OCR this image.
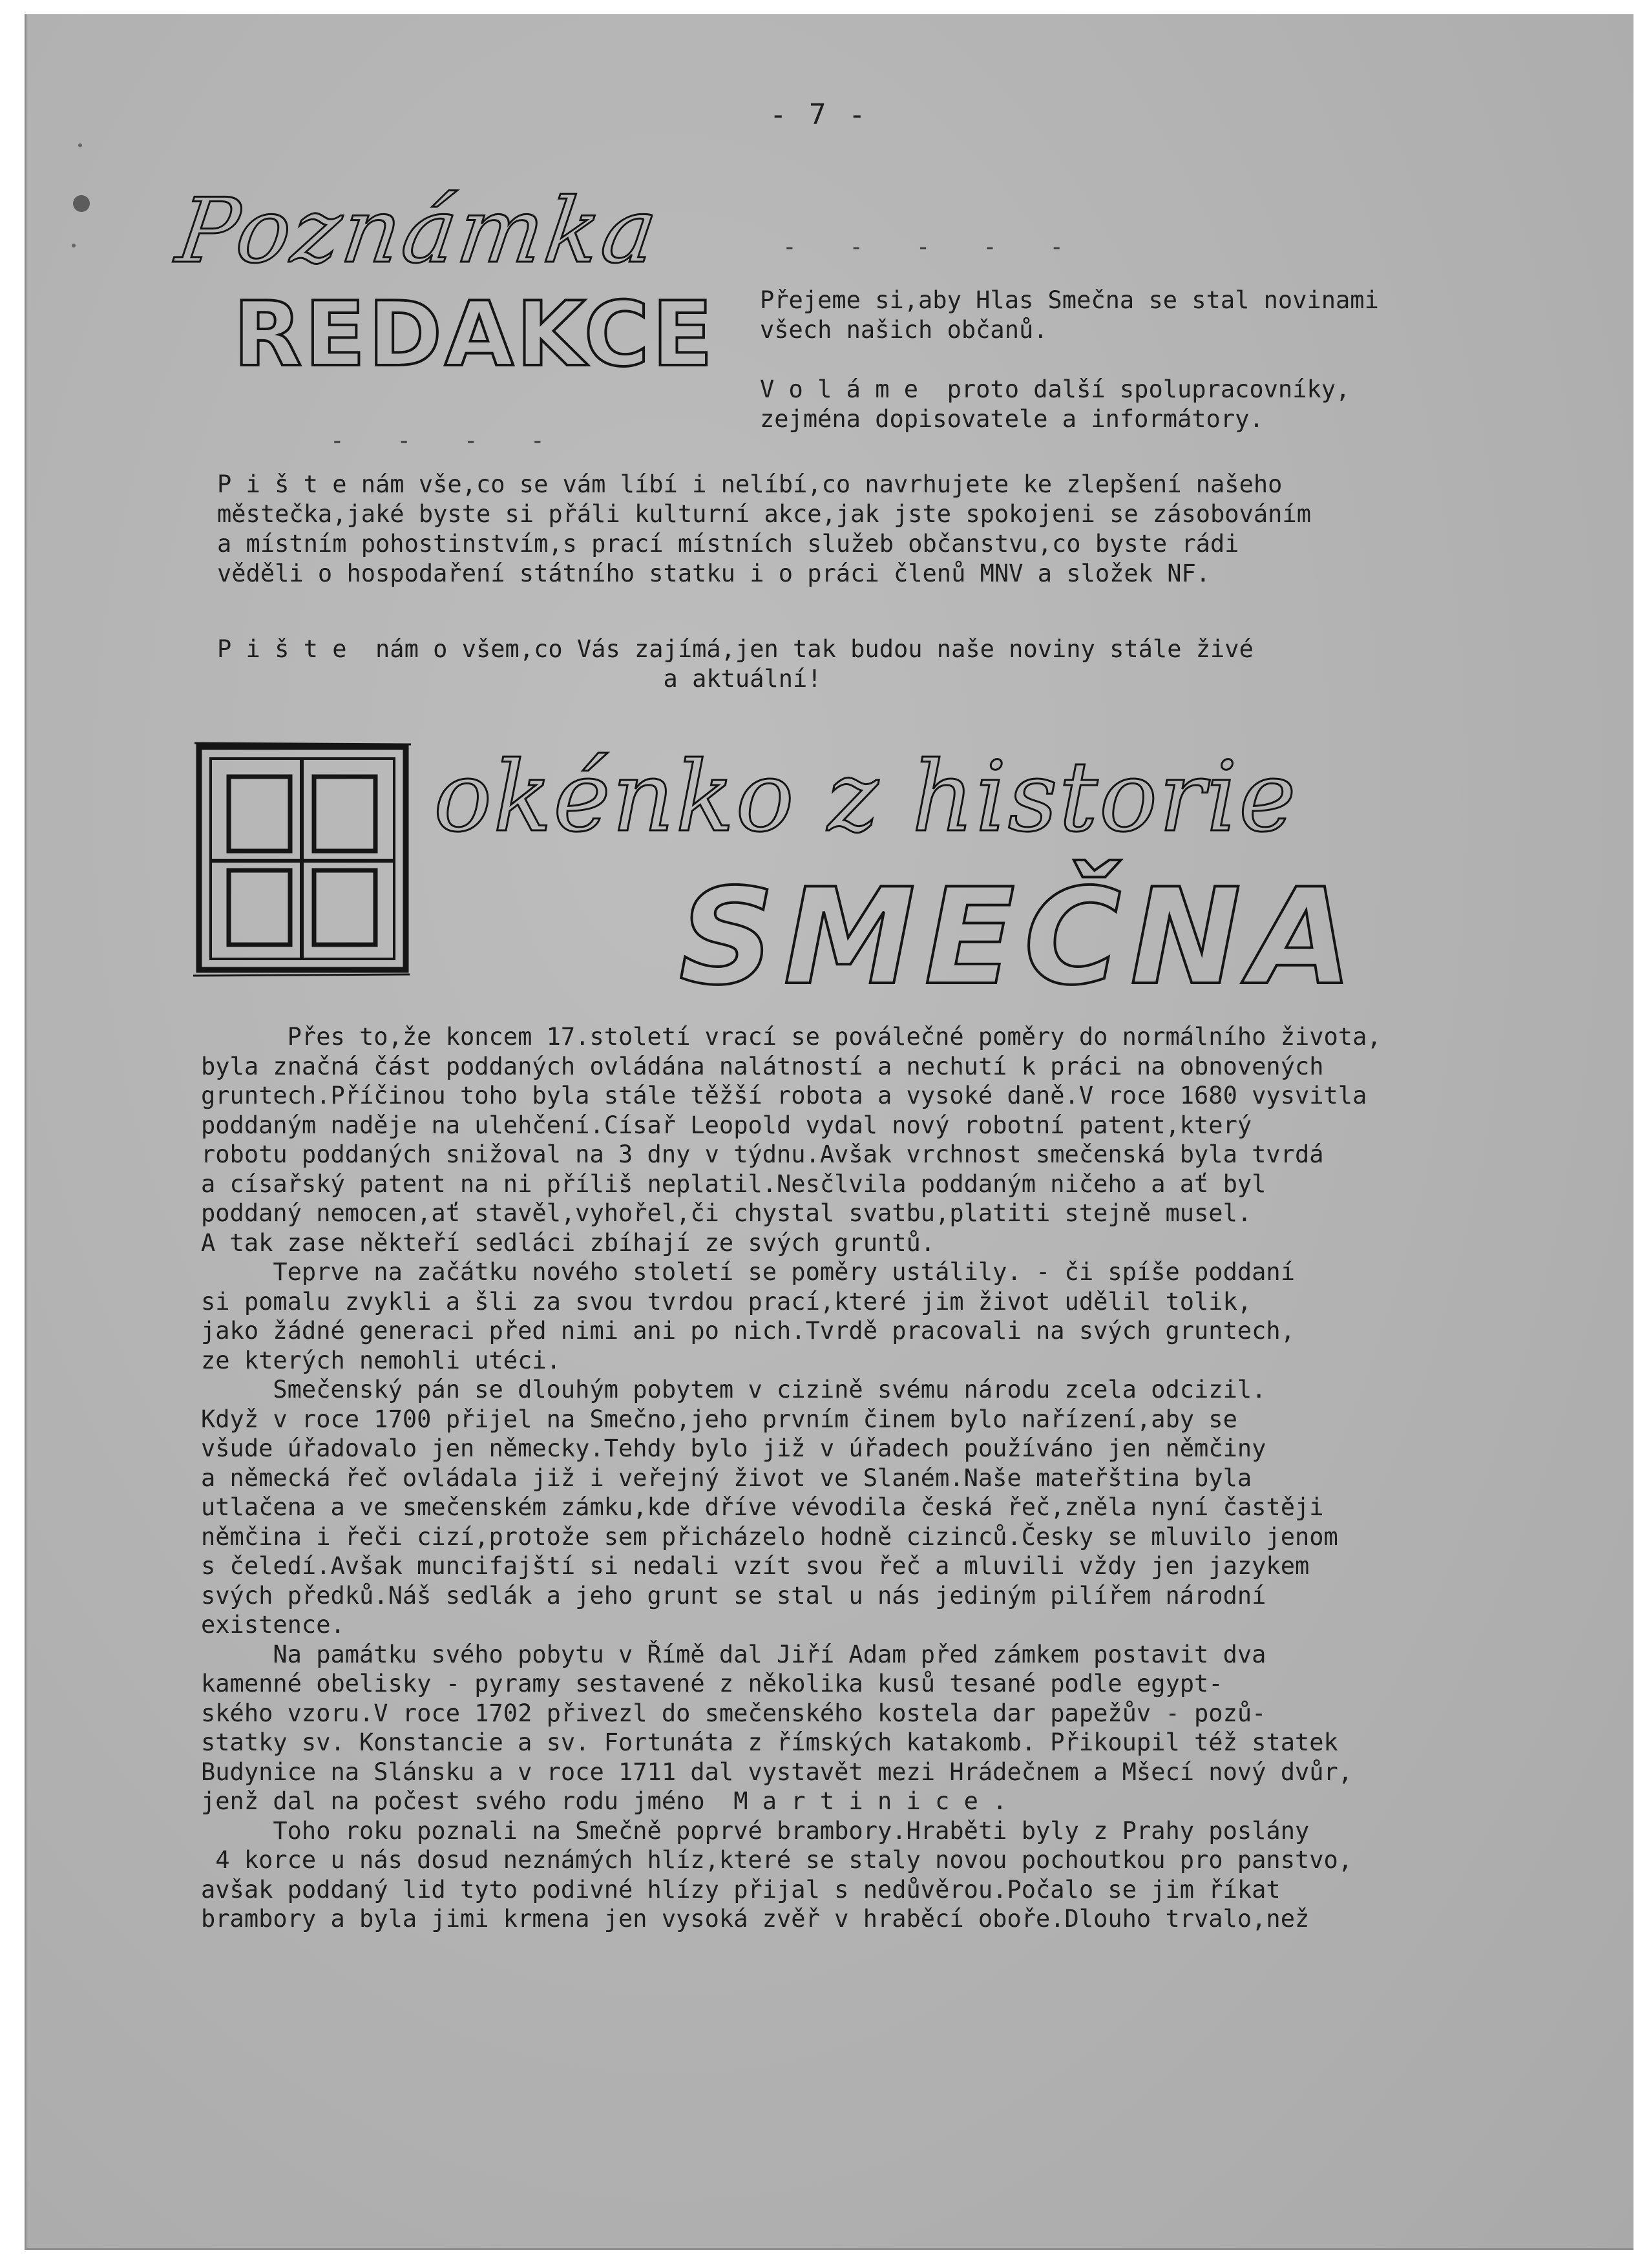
- 7 -
Poznámka
REDAKCE
- - - - -
- - - -
Přejeme si,aby Hlas Smečna se stal novinami
všech našich občanů.

V o l á m e  proto další spolupracovníky,
zejména dopisovatele a informátory.
P i š t e nám vše,co se vám líbí i nelíbí,co navrhujete ke zlepšení našeho
městečka,jaké byste si přáli kulturní akce,jak jste spokojeni se zásobováním
a místním pohostinstvím,s prací místních služeb občanstvu,co byste rádi
věděli o hospodaření státního statku i o práci členů MNV a složek NF.
P i š t e  nám o všem,co Vás zajímá,jen tak budou naše noviny stále živé
a aktuální!
okénko z historie
SMEČNA
Přes to,že koncem 17.století vrací se poválečné poměry do normálního života,
byla značná část poddaných ovládána nalátností a nechutí k práci na obnovených
gruntech.Příčinou toho byla stále těžší robota a vysoké daně.V roce 1680 vysvitla
poddaným naděje na ulehčení.Císař Leopold vydal nový robotní patent,který
robotu poddaných snižoval na 3 dny v týdnu.Avšak vrchnost smečenská byla tvrdá
a císařský patent na ni příliš neplatil.Nesčlvila poddaným ničeho a ať byl
poddaný nemocen,ať stavěl,vyhořel,či chystal svatbu,platiti stejně musel.
A tak zase někteří sedláci zbíhají ze svých gruntů.
Teprve na začátku nového století se poměry ustálily. - či spíše poddaní
si pomalu zvykli a šli za svou tvrdou prací,které jim život udělil tolik,
jako žádné generaci před nimi ani po nich.Tvrdě pracovali na svých gruntech,
ze kterých nemohli utéci.
Smečenský pán se dlouhým pobytem v cizině svému národu zcela odcizil.
Když v roce 1700 přijel na Smečno,jeho prvním činem bylo nařízení,aby se
všude úřadovalo jen německy.Tehdy bylo již v úřadech používáno jen němčiny
a německá řeč ovládala již i veřejný život ve Slaném.Naše mateřština byla
utlačena a ve smečenském zámku,kde dříve vévodila česká řeč,zněla nyní častěji
němčina i řeči cizí,protože sem přicházelo hodně cizinců.Česky se mluvilo jenom
s čeledí.Avšak muncifajští si nedali vzít svou řeč a mluvili vždy jen jazykem
svých předků.Náš sedlák a jeho grunt se stal u nás jediným pilířem národní
existence.
Na památku svého pobytu v Římě dal Jiří Adam před zámkem postavit dva
kamenné obelisky - pyramy sestavené z několika kusů tesané podle egypt-
ského vzoru.V roce 1702 přivezl do smečenského kostela dar papežův - pozů-
statky sv. Konstancie a sv. Fortunáta z římských katakomb. Přikoupil též statek
Budynice na Slánsku a v roce 1711 dal vystavět mezi Hrádečnem a Mšecí nový dvůr,
jenž dal na počest svého rodu jméno  M a r t i n i c e .
Toho roku poznali na Smečně poprvé brambory.Hraběti byly z Prahy poslány
4 korce u nás dosud neznámých hlíz,které se staly novou pochoutkou pro panstvo,
avšak poddaný lid tyto podivné hlízy přijal s nedůvěrou.Počalo se jim říkat
brambory a byla jimi krmena jen vysoká zvěř v hraběcí oboře.Dlouho trvalo,než
